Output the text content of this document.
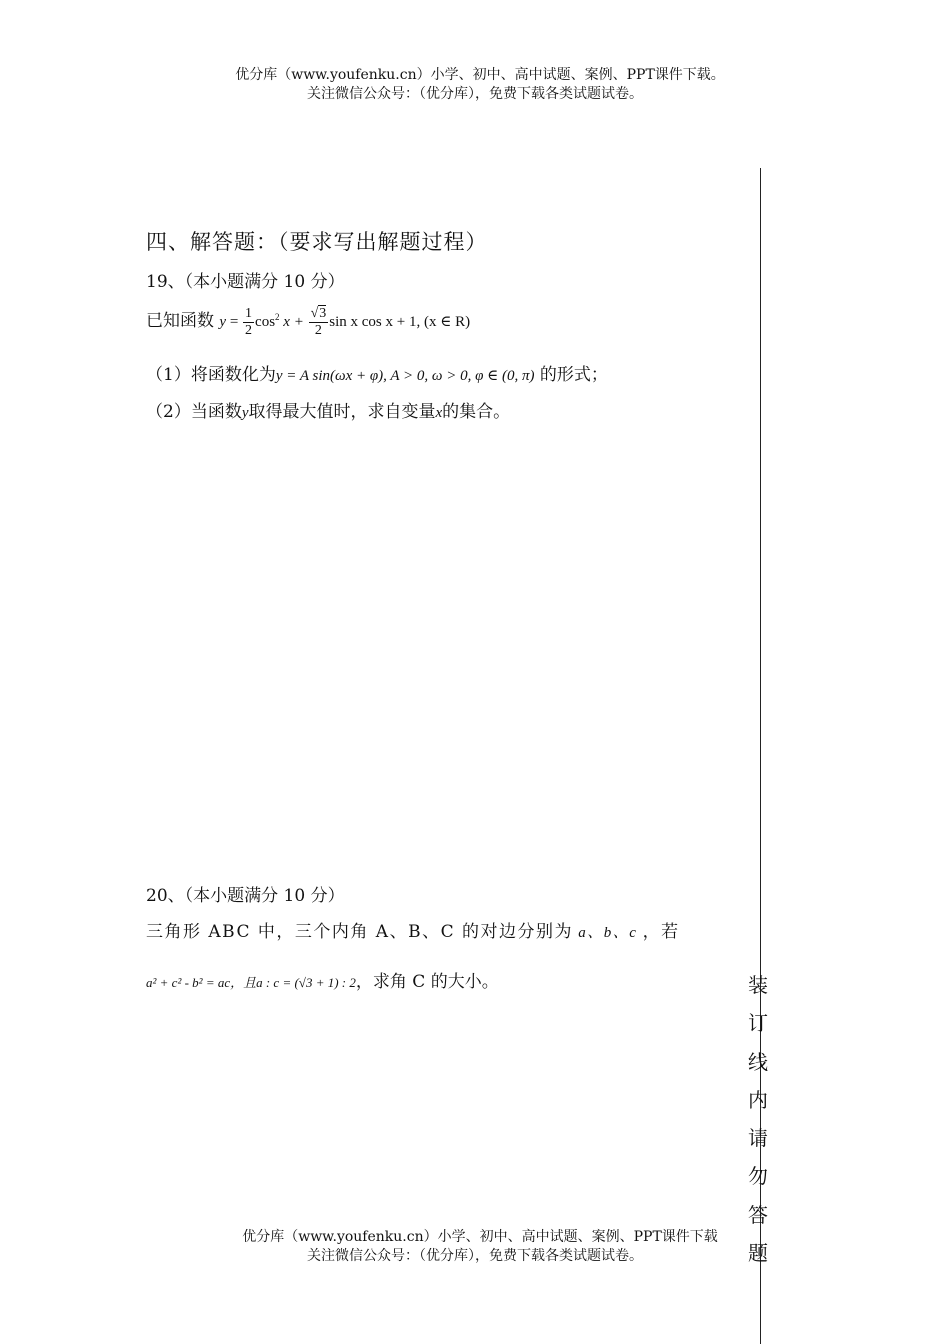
优分库（www.youfenku.cn）小学、初中、高中试题、案例、PPT课件下载。
关注微信公众号：（优分库），免费下载各类试题试卷。
四、解答题：（要求写出解题过程）
19、（本小题满分 10 分）
已知函数 $y = \frac{1}{2} \cos^2 x + \frac{√3}{2}$ sin x cos x + 1, (x ∈ R)
（1）将函数化为y = A sin(ωx + φ), A > 0, ω > 0, φ ∈ (0, π) 的形式；
（2）当函数y取得最大值时，求自变量x的集合。
20、（本小题满分 10 分）
三角形 ABC 中，三个内角 A、B、C 的对边分别为 a、b、c ，若
a² + c² - b² = ac，且a : c = (√3 + 1) : 2，求角 C 的大小。	装
订
线
内
请
勿
答
题
优分库（www.youfenku.cn）小学、初中、高中试题、案例、PPT课件下载
关注微信公众号：（优分库），免费下载各类试题试卷。
